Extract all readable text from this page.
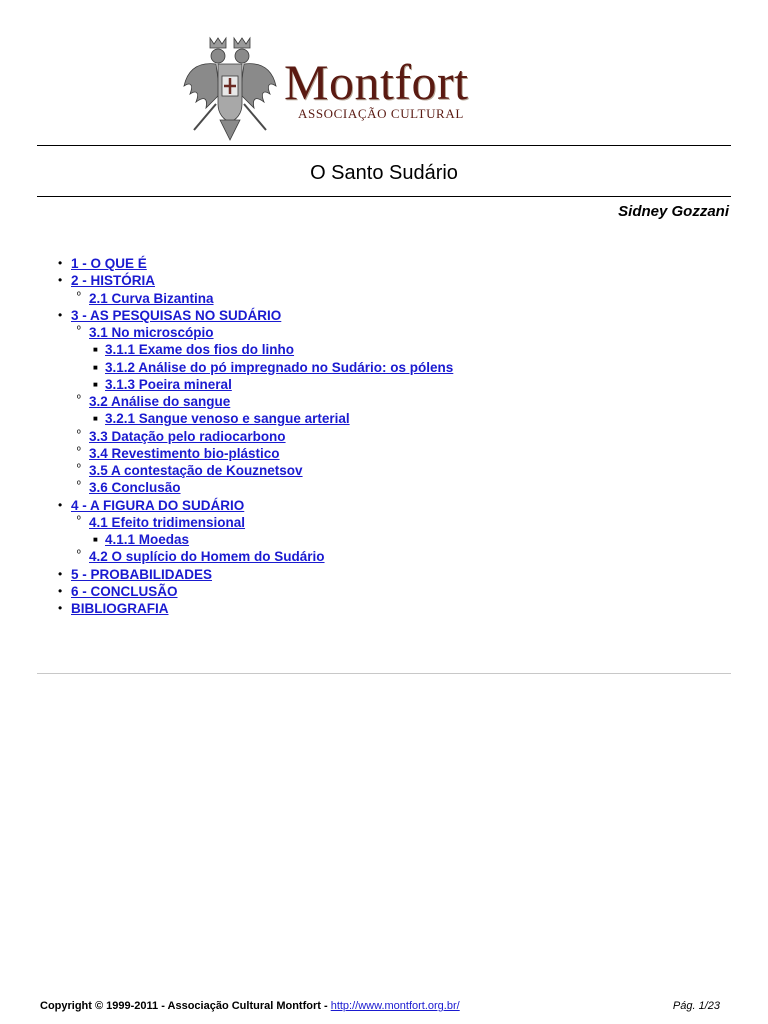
Montfort
ASSOCIAÇÃO CULTURAL
O Santo Sudário
Sidney Gozzani
• 1 - O QUE É
• 2 - HISTÓRIA
º 2.1 Curva Bizantina
• 3 - AS PESQUISAS NO SUDÁRIO
º 3.1 No microscópio
■ 3.1.1 Exame dos fios do linho
■ 3.1.2 Análise do pó impregnado no Sudário: os pólens
■ 3.1.3 Poeira mineral
º 3.2 Análise do sangue
■ 3.2.1 Sangue venoso e sangue arterial
º 3.3 Datação pelo radiocarbono
º 3.4 Revestimento bio-plástico
º 3.5 A contestação de Kouznetsov
º 3.6 Conclusão
• 4 - A FIGURA DO SUDÁRIO
º 4.1 Efeito tridimensional
■ 4.1.1 Moedas
º 4.2 O suplício do Homem do Sudário
• 5 - PROBABILIDADES
• 6 - CONCLUSÃO
• BIBLIOGRAFIA
Copyright © 1999-2011 - Associação Cultural Montfort - http://www.montfort.org.br/	Pág. 1/23
